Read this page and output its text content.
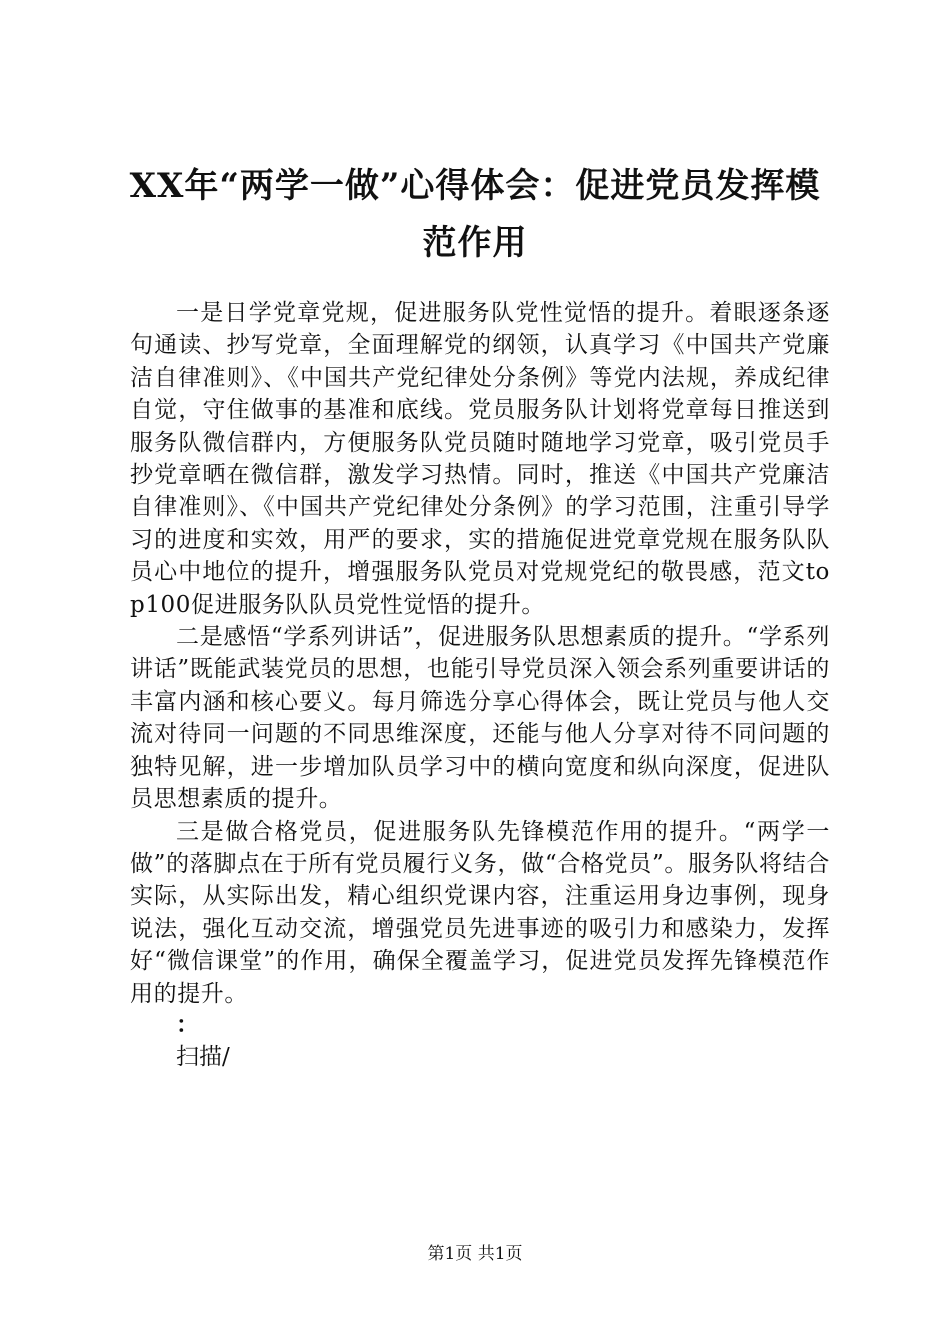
XX年“两学一做”心得体会：促进党员发挥模范作用

一是日学党章党规，促进服务队党性觉悟的提升。着眼逐条逐句通读、抄写党章，全面理解党的纲领，认真学习《中国共产党廉洁自律准则》、《中国共产党纪律处分条例》等党内法规，养成纪律自觉，守住做事的基准和底线。党员服务队计划将党章每日推送到服务队微信群内，方便服务队党员随时随地学习党章，吸引党员手抄党章晒在微信群，激发学习热情。同时，推送《中国共产党廉洁自律准则》、《中国共产党纪律处分条例》的学习范围，注重引导学习的进度和实效，用严的要求，实的措施促进党章党规在服务队队员心中地位的提升，增强服务队党员对党规党纪的敬畏感，范文top100促进服务队队员党性觉悟的提升。

二是感悟“学系列讲话”，促进服务队思想素质的提升。“学系列讲话”既能武装党员的思想，也能引导党员深入领会系列重要讲话的丰富内涵和核心要义。每月筛选分享心得体会，既让党员与他人交流对待同一问题的不同思维深度，还能与他人分享对待不同问题的独特见解，进一步增加队员学习中的横向宽度和纵向深度，促进队员思想素质的提升。

三是做合格党员，促进服务队先锋模范作用的提升。“两学一做”的落脚点在于所有党员履行义务，做“合格党员”。服务队将结合实际，从实际出发，精心组织党课内容，注重运用身边事例，现身说法，强化互动交流，增强党员先进事迹的吸引力和感染力，发挥好“微信课堂”的作用，确保全覆盖学习，促进党员发挥先锋模范作用的提升。

：

扫描/

第1页 共1页
